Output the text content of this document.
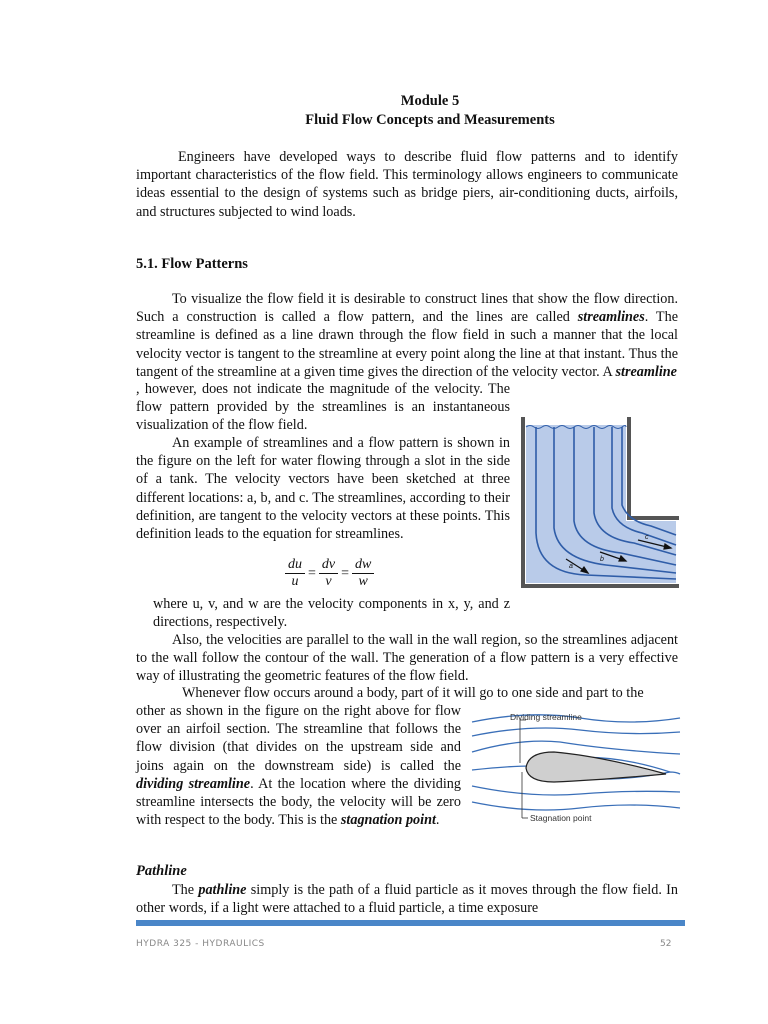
Module 5
Fluid Flow Concepts and Measurements

Engineers have developed ways to describe fluid flow patterns and to identify important characteristics of the flow field. This terminology allows engineers to communicate ideas essential to the design of systems such as bridge piers, air-conditioning ducts, airfoils, and structures subjected to wind loads.

5.1. Flow Patterns

To visualize the flow field it is desirable to construct lines that show the flow direction. Such a construction is called a flow pattern, and the lines are called streamlines. The streamline is defined as a line drawn through the flow field in such a manner that the local velocity vector is tangent to the streamline at every point along the line at that instant. Thus the tangent of the streamline at a given time gives the direction of the velocity vector. A streamline

, however, does not indicate the magnitude of the velocity. The flow pattern provided by the streamlines is an instantaneous visualization of the flow field.

An example of streamlines and a flow pattern is shown in the figure on the left for water flowing through a slot in the side of a tank. The velocity vectors have been sketched at three different locations: a, b, and c. The streamlines, according to their definition, are tangent to the velocity vectors at these points. This definition leads to the equation for streamlines.

$\frac{du}{u} = \frac{dv}{v} = \frac{dw}{w}$

where u, v, and w are the velocity components in x, y, and z directions, respectively.

Also, the velocities are parallel to the wall in the wall region, so the streamlines adjacent to the wall follow the contour of the wall. The generation of a flow pattern is a very effective way of illustrating the geometric features of the flow field.

Whenever flow occurs around a body, part of it will go to one side and part to the

other as shown in the figure on the right above for flow over an airfoil section. The streamline that follows the flow division (that divides on the upstream side and joins again on the downstream side) is called the dividing streamline. At the location where the dividing streamline intersects the body, the velocity will be zero with respect to the body. This is the stagnation point.

Pathline

The pathline simply is the path of a fluid particle as it moves through the flow field. In other words, if a light were attached to a fluid particle, a time exposure

a
b
c
Dividing streamline
Stagnation point
HYDRA 325 - HYDRAULICS	52
